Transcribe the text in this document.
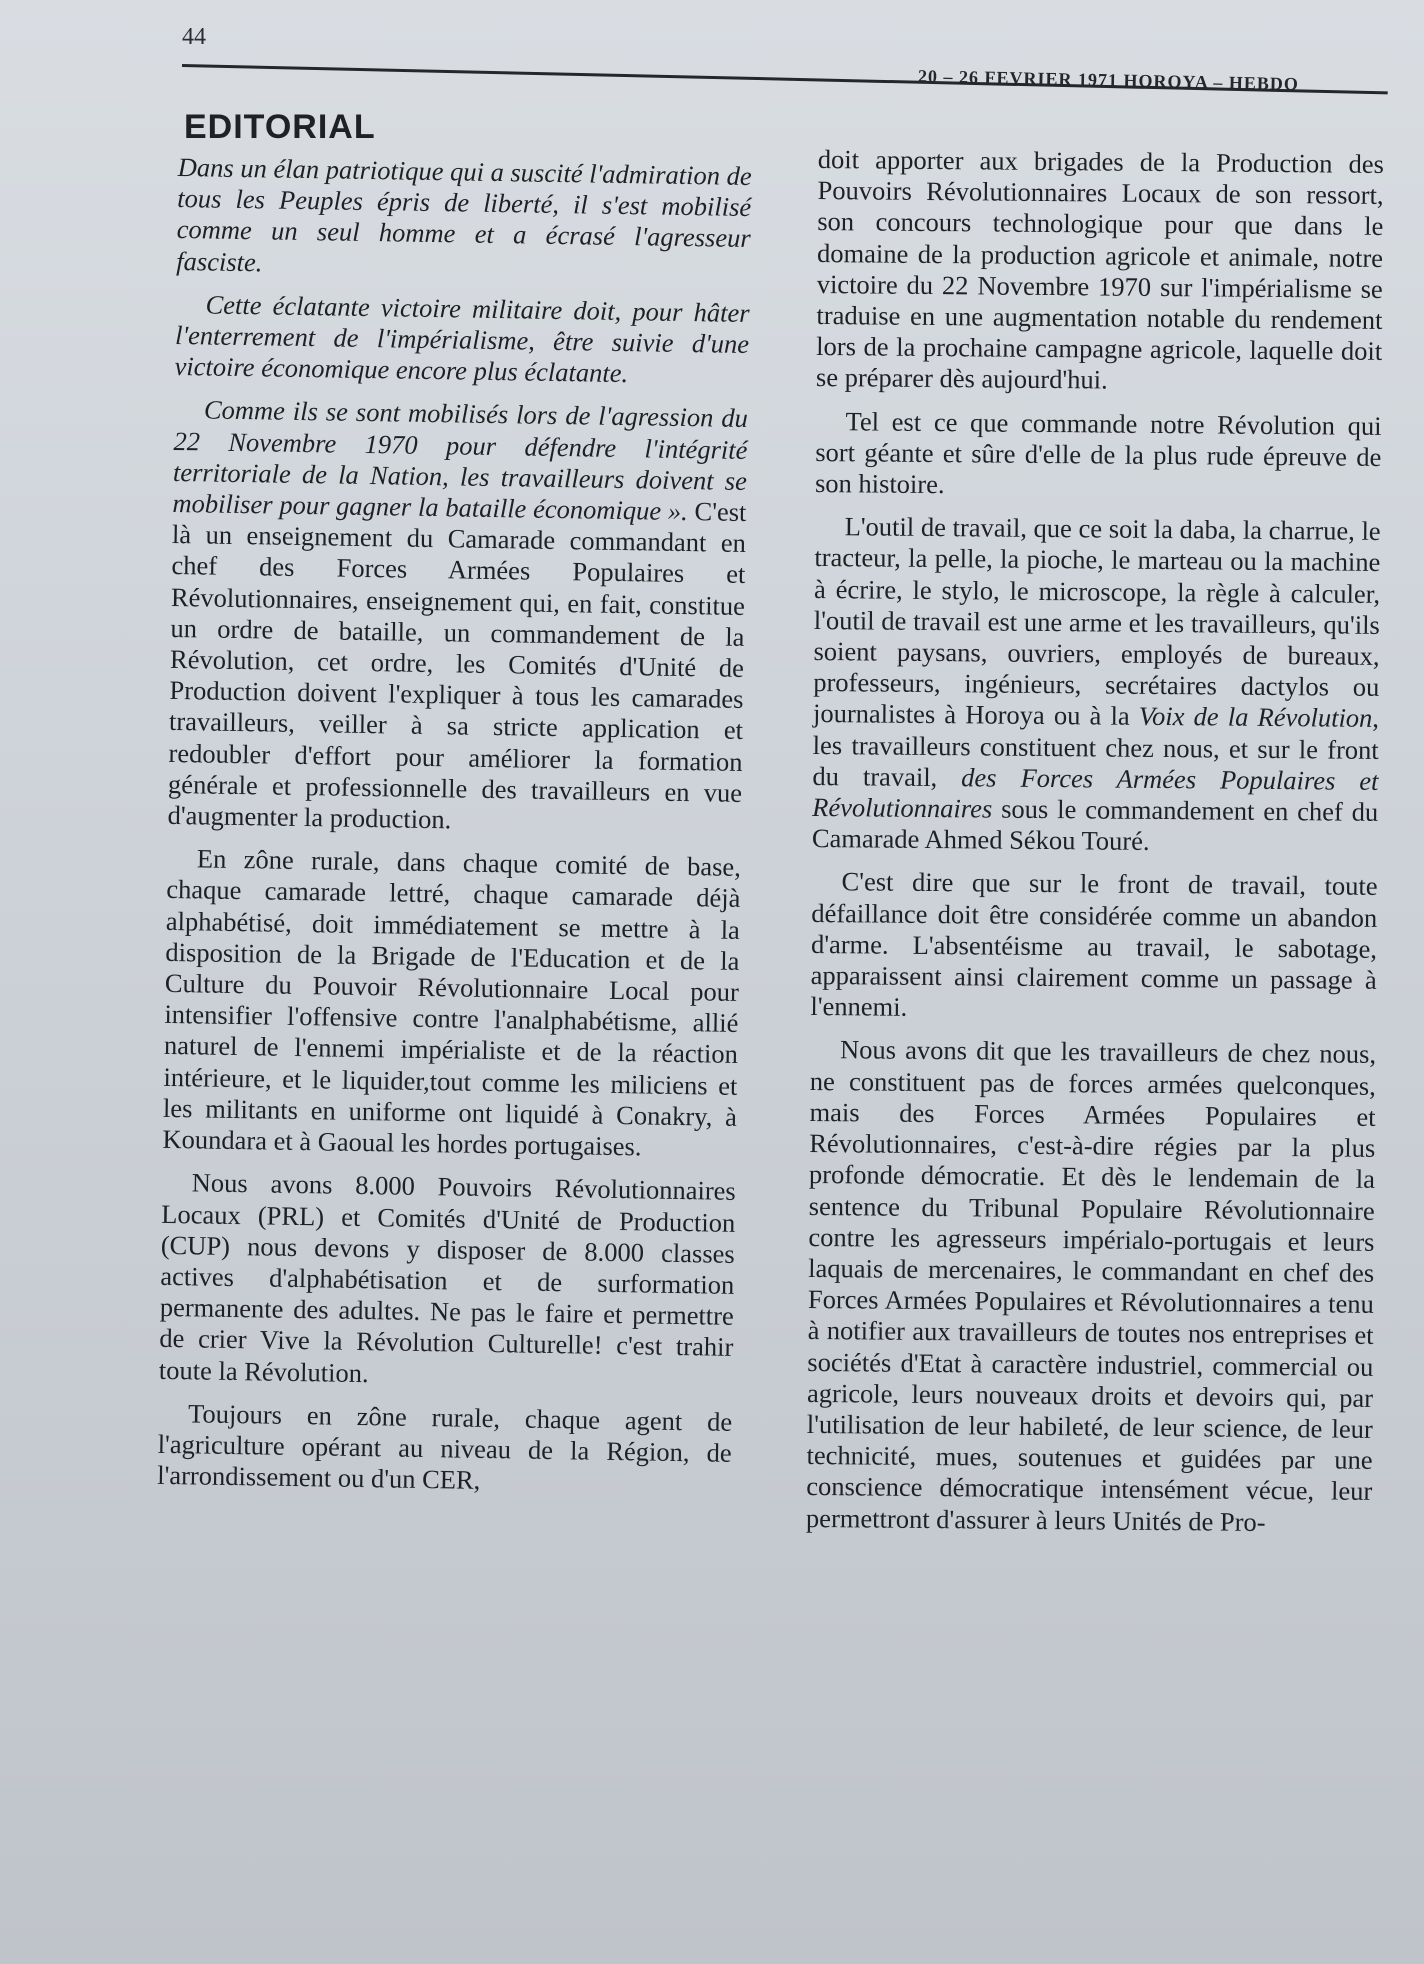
44
20 – 26 FEVRIER 1971 HOROYA – HEBDO
EDITORIAL

Dans un élan patriotique qui a suscité l'admiration de tous les Peuples épris de liberté, il s'est mobilisé comme un seul homme et a écrasé l'agresseur fasciste.

Cette éclatante victoire militaire doit, pour hâter l'enterrement de l'impérialisme, être suivie d'une victoire économique encore plus éclatante.

Comme ils se sont mobilisés lors de l'agression du 22 Novembre 1970 pour défendre l'intégrité territoriale de la Nation, les travailleurs doivent se mobiliser pour gagner la bataille économique ». C'est là un enseignement du Camarade commandant en chef des Forces Armées Populaires et Révolutionnaires, enseignement qui, en fait, constitue un ordre de bataille, un commandement de la Révolution, cet ordre, les Comités d'Unité de Production doivent l'expliquer à tous les camarades travailleurs, veiller à sa stricte application et redoubler d'effort pour améliorer la formation générale et professionnelle des travailleurs en vue d'augmenter la production.

En zône rurale, dans chaque comité de base, chaque camarade lettré, chaque camarade déjà alphabétisé, doit immédiatement se mettre à la disposition de la Brigade de l'Education et de la Culture du Pouvoir Révolutionnaire Local pour intensifier l'offensive contre l'analphabétisme, allié naturel de l'ennemi impérialiste et de la réaction intérieure, et le liquider,tout comme les miliciens et les militants en uniforme ont liquidé à Conakry, à Koundara et à Gaoual les hordes portugaises.

Nous avons 8.000 Pouvoirs Révolutionnaires Locaux (PRL) et Comités d'Unité de Production (CUP) nous devons y disposer de 8.000 classes actives d'alphabétisation et de surformation permanente des adultes. Ne pas le faire et permettre de crier Vive la Révolution Culturelle! c'est trahir toute la Révolution.

Toujours en zône rurale, chaque agent de l'agriculture opérant au niveau de la Région, de l'arrondissement ou d'un CER,

doit apporter aux brigades de la Production des Pouvoirs Révolutionnaires Locaux de son ressort, son concours technologique pour que dans le domaine de la production agricole et animale, notre victoire du 22 Novembre 1970 sur l'impérialisme se traduise en une augmentation notable du rendement lors de la prochaine campagne agricole, laquelle doit se préparer dès aujourd'hui.

Tel est ce que commande notre Révolution qui sort géante et sûre d'elle de la plus rude épreuve de son histoire.

L'outil de travail, que ce soit la daba, la charrue, le tracteur, la pelle, la pioche, le marteau ou la machine à écrire, le stylo, le microscope, la règle à calculer, l'outil de travail est une arme et les travailleurs, qu'ils soient paysans, ouvriers, employés de bureaux, professeurs, ingénieurs, secrétaires dactylos ou journalistes à Horoya ou à la Voix de la Révolution, les travailleurs constituent chez nous, et sur le front du travail, des Forces Armées Populaires et Révolutionnaires sous le commandement en chef du Camarade Ahmed Sékou Touré.

C'est dire que sur le front de travail, toute défaillance doit être considérée comme un abandon d'arme. L'absentéisme au travail, le sabotage, apparaissent ainsi clairement comme un passage à l'ennemi.

Nous avons dit que les travailleurs de chez nous, ne constituent pas de forces armées quelconques, mais des Forces Armées Populaires et Révolutionnaires, c'est-à-dire régies par la plus profonde démocratie. Et dès le lendemain de la sentence du Tribunal Populaire Révolutionnaire contre les agresseurs impérialo-portugais et leurs laquais de mercenaires, le commandant en chef des Forces Armées Populaires et Révolutionnaires a tenu à notifier aux travailleurs de toutes nos entreprises et sociétés d'Etat à caractère industriel, commercial ou agricole, leurs nouveaux droits et devoirs qui, par l'utilisation de leur habileté, de leur science, de leur technicité, mues, soutenues et guidées par une conscience démocratique intensément vécue, leur permettront d'assurer à leurs Unités de Pro-
